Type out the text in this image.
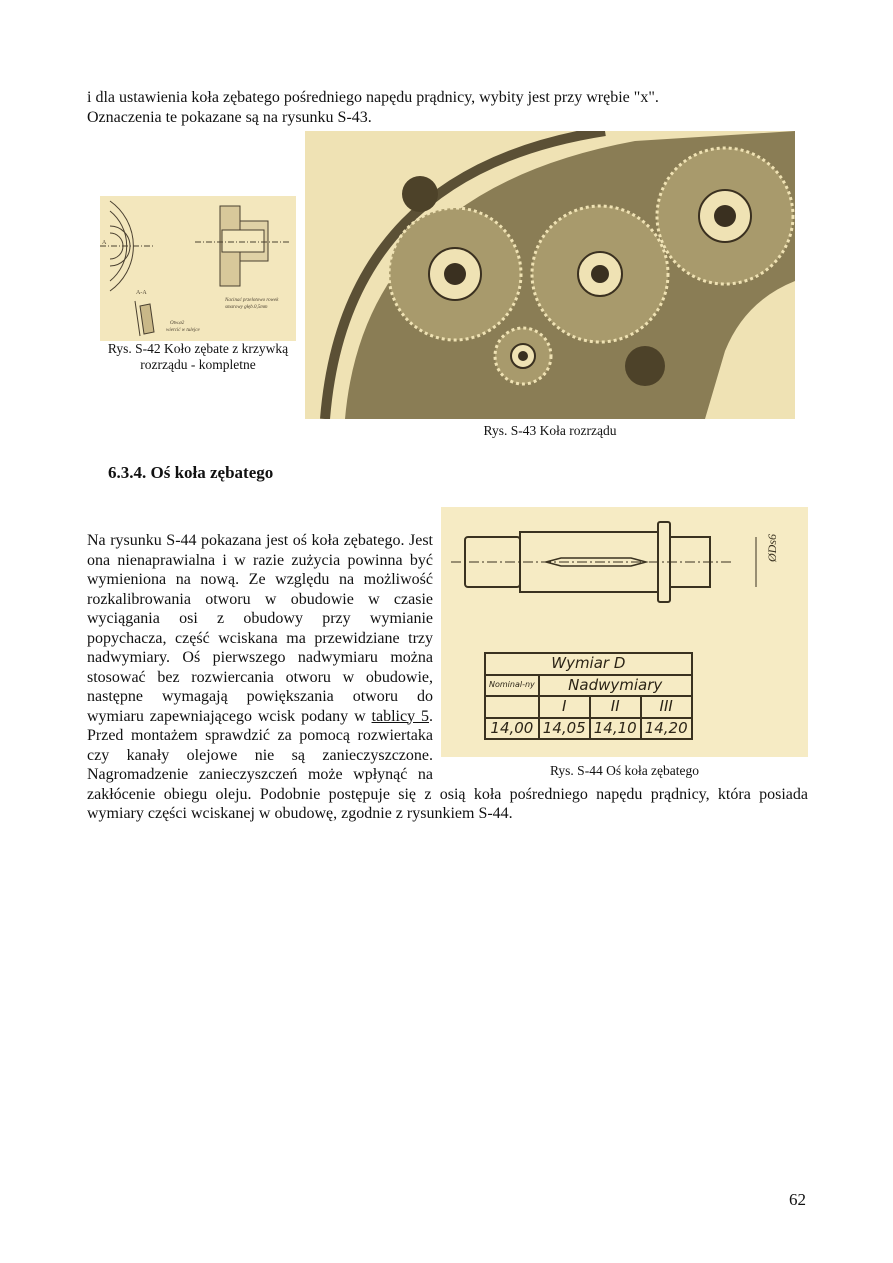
i dla ustawienia koła zębatego pośredniego napędu prądnicy, wybity jest przy wrębie "x".
Oznaczenia te pokazane są na rysunku S-43.
Nacinać przelotowo rowek
smarowy głęb.0,5mm
Otw.ø2
wiercić w tulejce
A-A
A
Rys. S-42 Koło zębate z krzywką rozrządu - kompletne
Rys. S-43 Koła rozrządu
6.3.4. Oś koła zębatego
ØDs6
Wymiar D			
Nominal-ny	Nadwymiary		
	I	II	III
14,00	14,05	14,10	14,20
Rys. S-44 Oś koła zębatego
Na rysunku S-44 pokazana jest oś koła zębatego. Jest ona nienaprawialna i w razie zużycia powinna być wymieniona na nową. Ze względu na możliwość rozkalibrowania otworu w obudowie w czasie wyciągania osi z obudowy przy wymianie popychacza, część wciskana ma przewidziane trzy nadwymiary. Oś pierwszego nadwymiaru można stosować bez rozwiercania otworu w obudowie, następne wymagają powiększania otworu do wymiaru zapewniającego wcisk podany w tablicy 5. Przed montażem sprawdzić za pomocą rozwiertaka czy kanały olejowe nie są zanieczyszczone. Nagromadzenie zanieczyszczeń może wpłynąć na zakłócenie obiegu oleju. Podobnie postępuje się z osią koła pośredniego napędu prądnicy, która posiada wymiary części wciskanej w obudowę, zgodnie z rysunkiem S-44.
62
